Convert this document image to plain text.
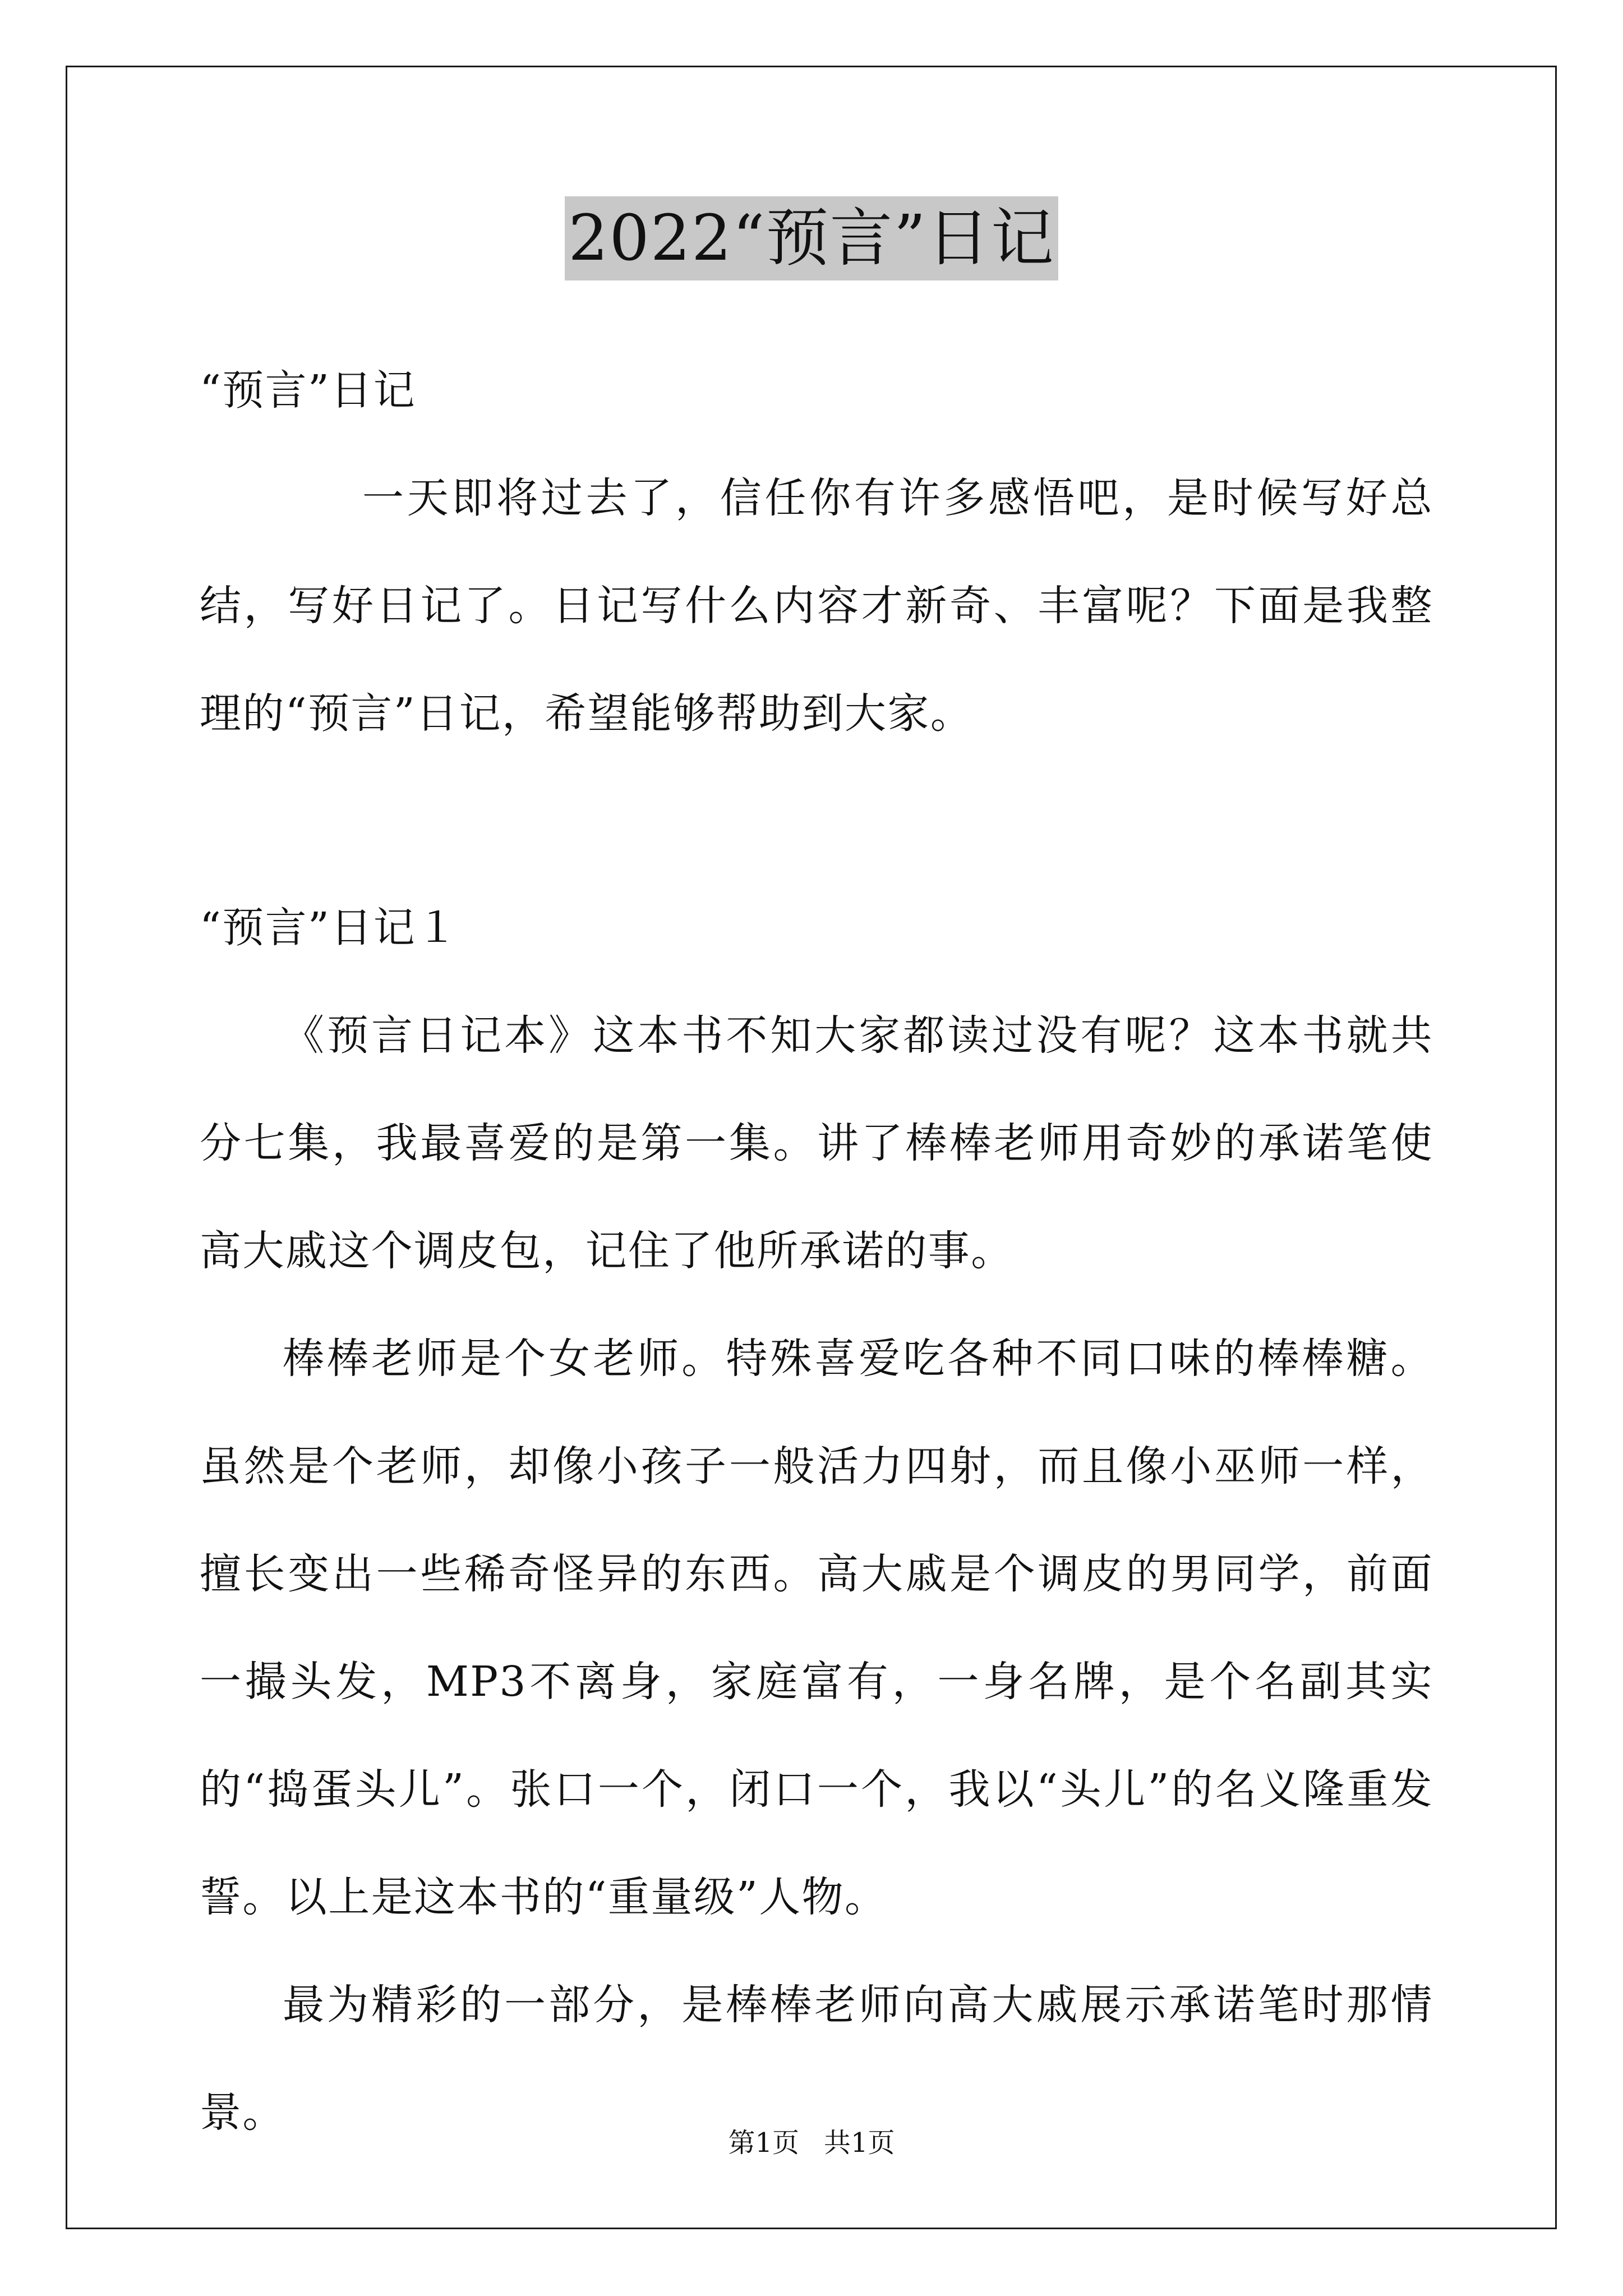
2022“预言”日记

“预言”日记

一天即将过去了，信任你有许多感悟吧，是时候写好总结，写好日记了。日记写什么内容才新奇、丰富呢？下面是我整理的“预言”日记，希望能够帮助到大家。

“预言”日记１

《预言日记本》这本书不知大家都读过没有呢？这本书就共分七集，我最喜爱的是第一集。讲了棒棒老师用奇妙的承诺笔使高大戚这个调皮包，记住了他所承诺的事。

棒棒老师是个女老师。特殊喜爱吃各种不同口味的棒棒糖。虽然是个老师，却像小孩子一般活力四射，而且像小巫师一样，擅长变出一些稀奇怪异的东西。高大戚是个调皮的男同学，前面一撮头发，MP3不离身，家庭富有，一身名牌，是个名副其实的“捣蛋头儿”。张口一个，闭口一个，我以“头儿”的名义隆重发誓。以上是这本书的“重量级”人物。

最为精彩的一部分，是棒棒老师向高大戚展示承诺笔时那情景。

第1页 共1页
